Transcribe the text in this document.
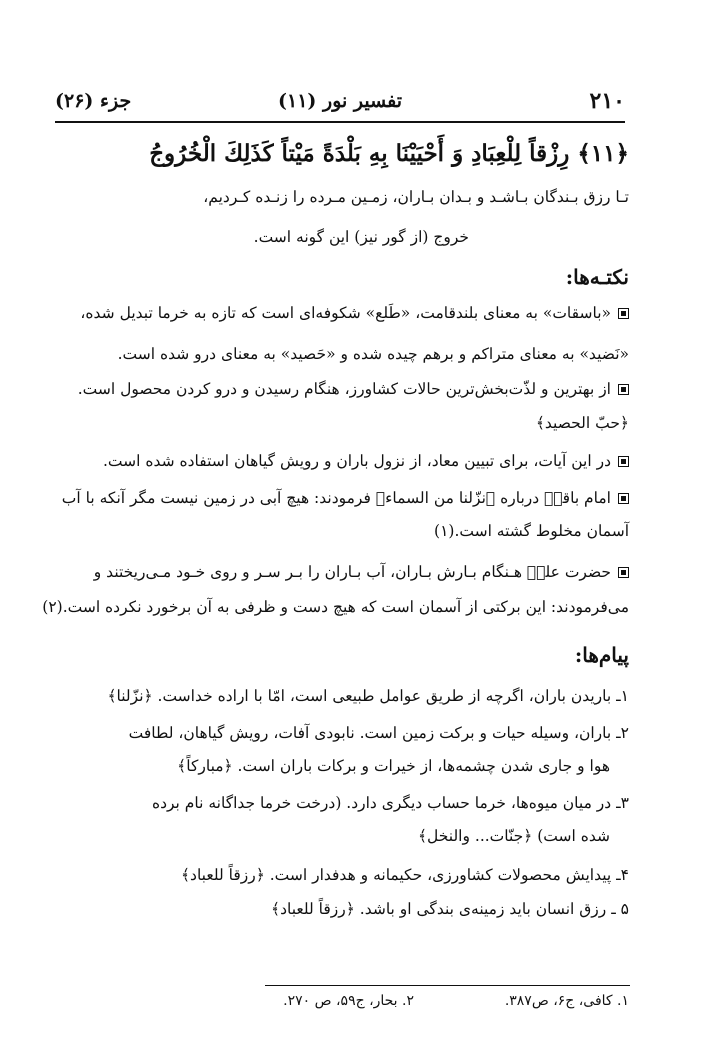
۲۱۰
تفسیر نور (۱۱)
جزء (۲۶)
﴿۱۱﴾ رِزْقاً لِلْعِبَادِ وَ أَحْيَيْنَا بِهِ بَلْدَةً مَيْتاً كَذَلِكَ الْخُرُوجُ
تـا رزق بـندگان بـاشـد و بـدان بـاران، زمـين مـرده را زنـده كـرديم،
خروج (از گور نيز) اين گونه است.
نكتـه‌ها:
«باسقات» به معناى بلندقامت، «طَلع» شكوفه‌اى است كه تازه به خرما تبديل شده،
«نَضيد» به معناى متراكم و برهم چيده شده و «حَصيد» به معناى درو شده است.
از بهترين و لذّت‌بخش‌ترين حالات كشاورز، هنگام رسيدن و درو كردن محصول است.
﴿حبّ الحصيد﴾
در اين آيات، براى تبيين معاد، از نزول باران و رويش گياهان استفاده شده است.
امام باقرؑ درباره ﴿نزّلنا من السماء﴾ فرمودند: هيچ آبى در زمين نيست مگر آنكه با آب
آسمان مخلوط گشته است.(۱)
حضرت علىؑ هـنگام بـارش بـاران، آب بـاران را بـر سـر و روى خـود مـى‌ريختند و
مى‌فرمودند: اين بركتى از آسمان است كه هيچ دست و ظرفى به آن برخورد نكرده است.(۲)
پيام‌ها:
۱ـ باريدن باران، اگرچه از طريق عوامل طبيعى است، امّا با اراده خداست. ﴿نزّلنا﴾
۲ـ باران، وسيله حيات و بركت زمين است. نابودى آفات، رويش گياهان، لطافت
هوا و جارى شدن چشمه‌ها، از خيرات و بركات باران است. ﴿مباركاً﴾
۳ـ در ميان ميوه‌ها، خرما حساب ديگرى دارد. (درخت خرما جداگانه نام برده
شده است) ﴿جنّات... والنخل﴾
۴ـ پيدايش محصولات كشاورزى، حكيمانه و هدفدار است. ﴿رزقاً للعباد﴾
۵ ـ رزق انسان بايد زمينه‌ى بندگى او باشد. ﴿رزقاً للعباد﴾
۱. كافى، ج۶، ص۳۸۷.
۲. بحار، ج۵۹، ص ۲۷۰.
